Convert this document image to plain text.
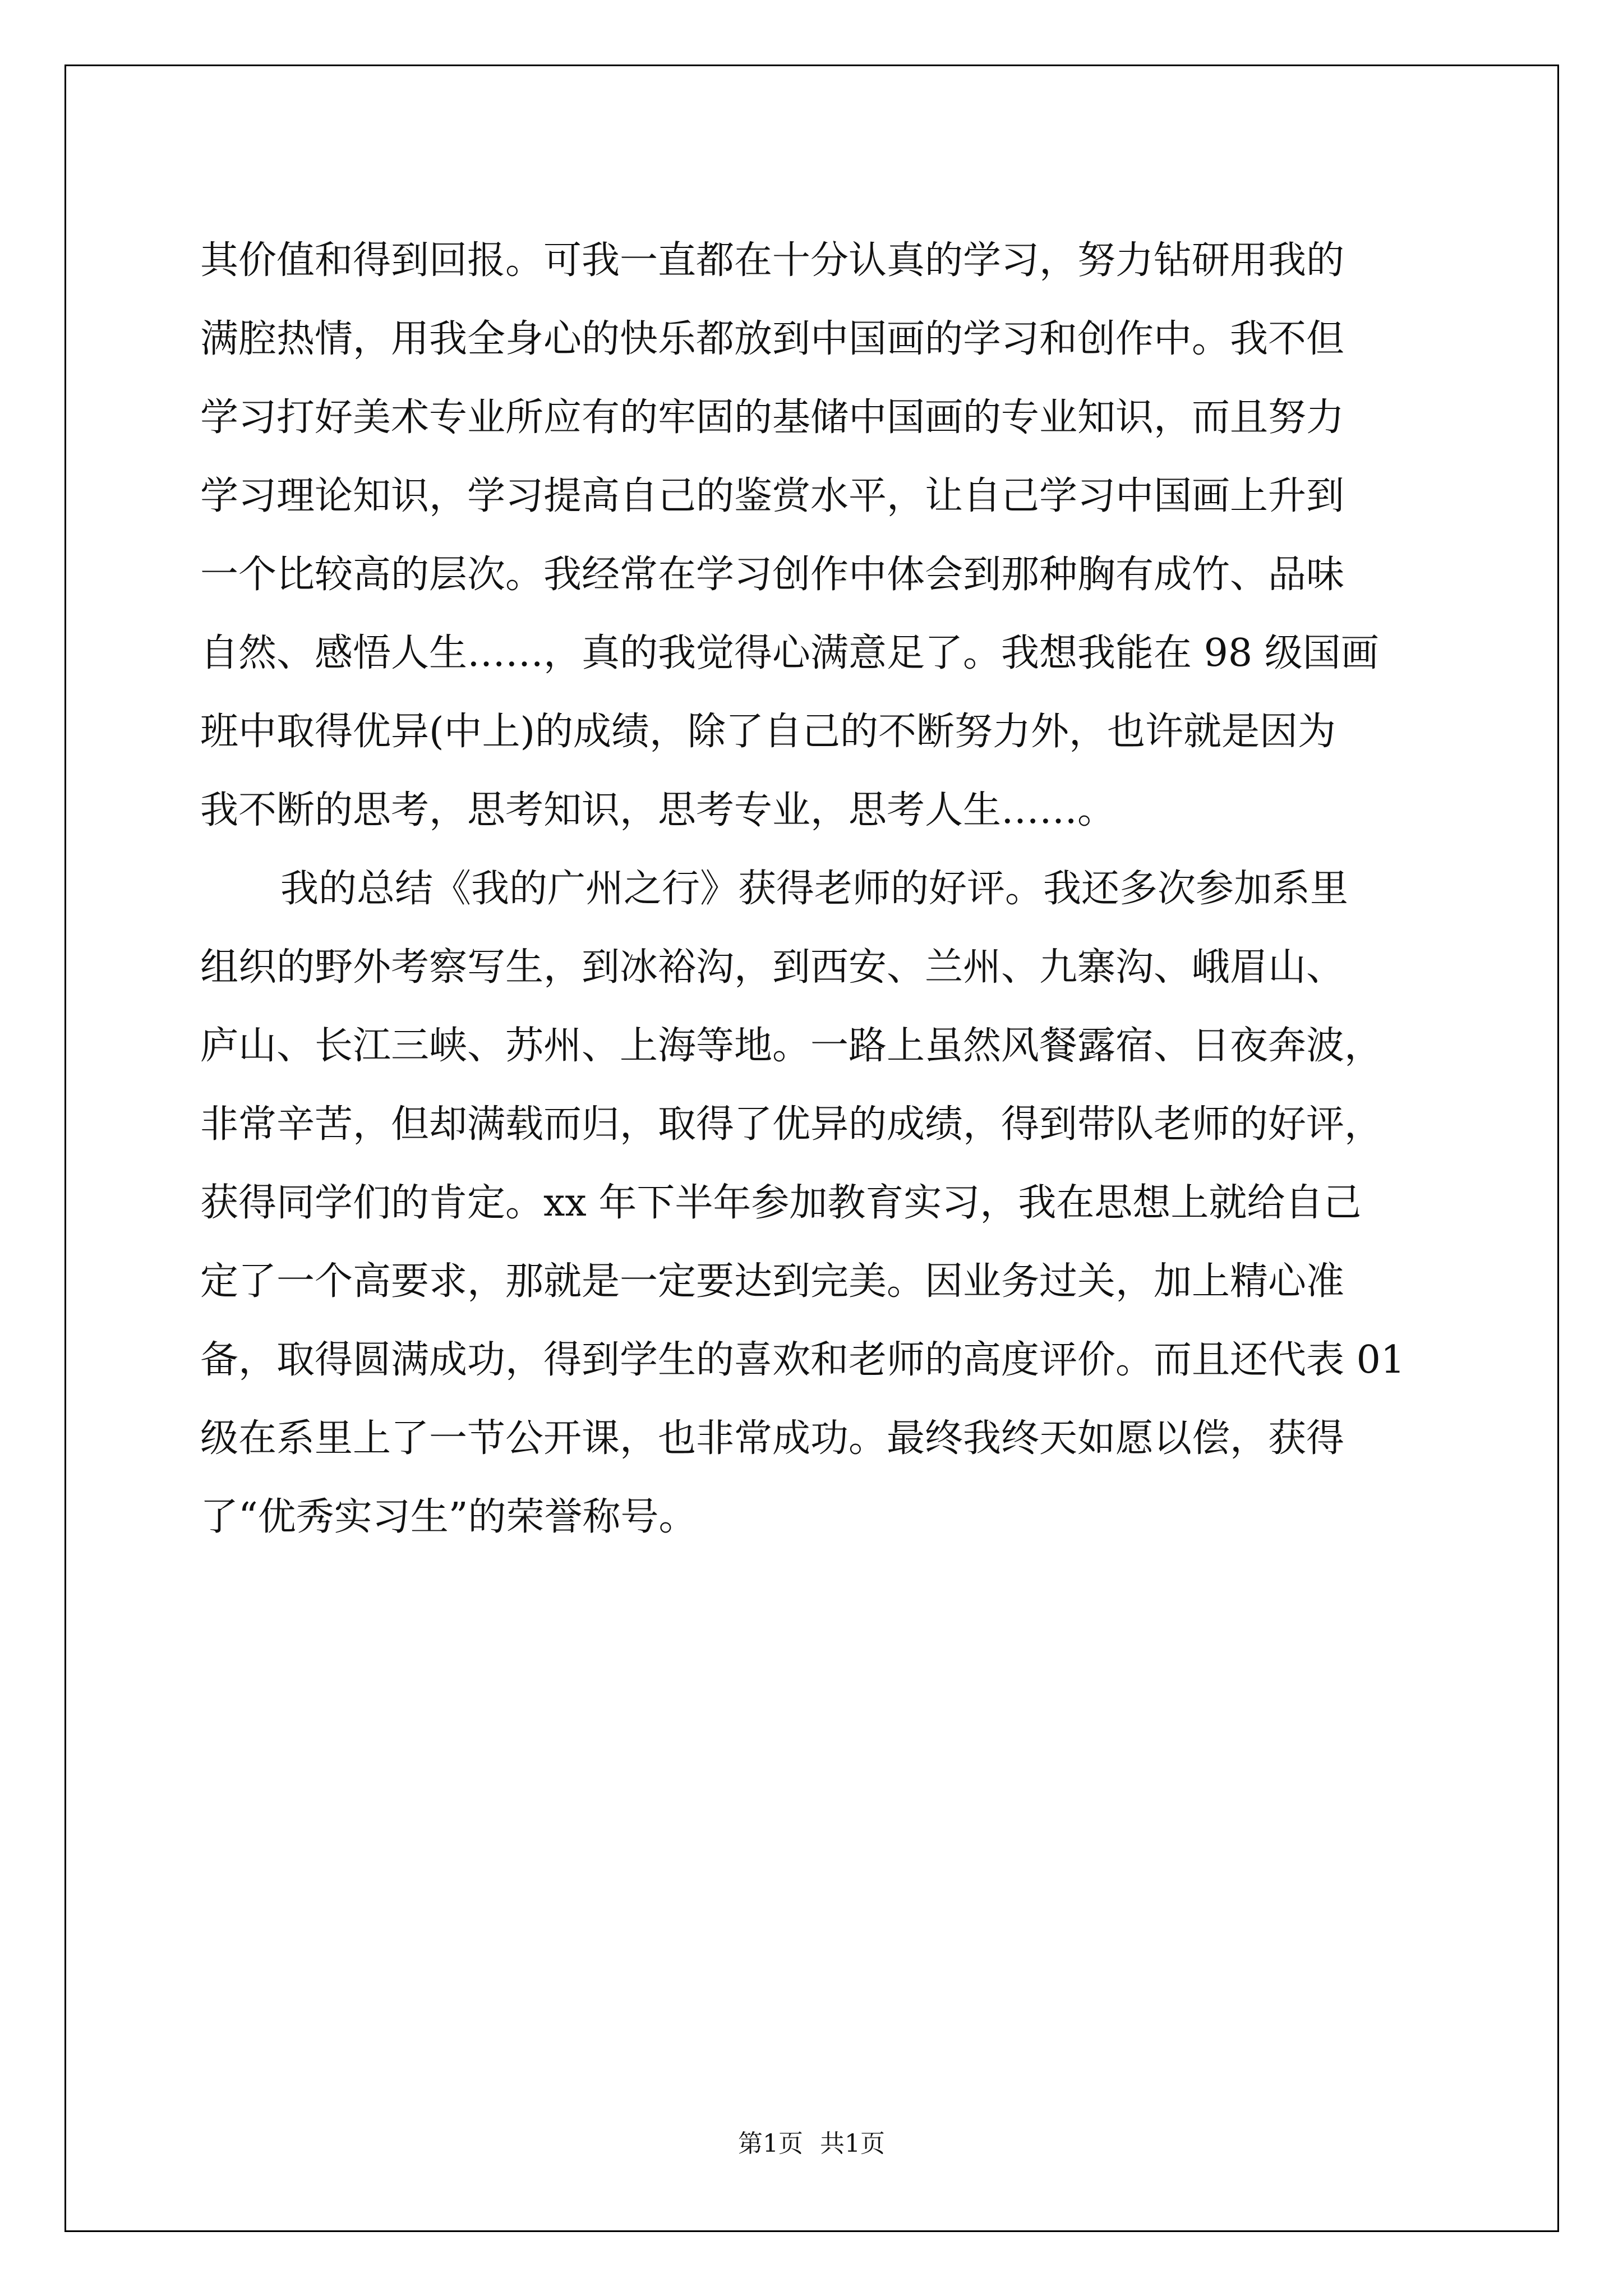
其价值和得到回报。可我一直都在十分认真的学习，努力钻研用我的
满腔热情，用我全身心的快乐都放到中国画的学习和创作中。我不但
学习打好美术专业所应有的牢固的基储中国画的专业知识，而且努力
学习理论知识，学习提高自己的鉴赏水平，让自己学习中国画上升到
一个比较高的层次。我经常在学习创作中体会到那种胸有成竹、品味
自然、感悟人生……，真的我觉得心满意足了。我想我能在 98 级国画
班中取得优异(中上)的成绩，除了自己的不断努力外，也许就是因为
我不断的思考，思考知识，思考专业，思考人生……。
我的总结《我的广州之行》获得老师的好评。我还多次参加系里
组织的野外考察写生，到冰裕沟，到西安、兰州、九寨沟、峨眉山、
庐山、长江三峡、苏州、上海等地。一路上虽然风餐露宿、日夜奔波，
非常辛苦，但却满载而归，取得了优异的成绩，得到带队老师的好评，
获得同学们的肯定。xx 年下半年参加教育实习，我在思想上就给自己
定了一个高要求，那就是一定要达到完美。因业务过关，加上精心准
备，取得圆满成功，得到学生的喜欢和老师的高度评价。而且还代表 01
级在系里上了一节公开课，也非常成功。最终我终天如愿以偿，获得
了“优秀实习生”的荣誉称号。
第1页 共1页
